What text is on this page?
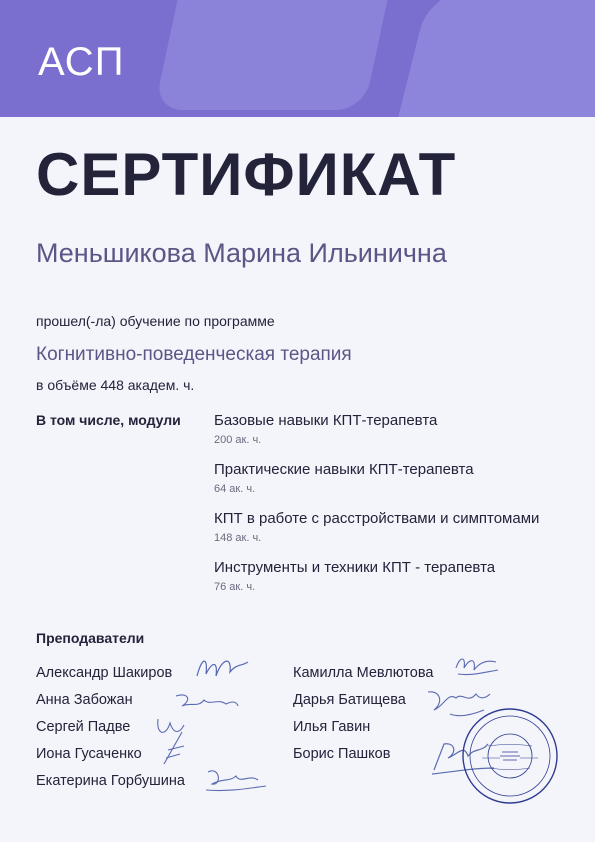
АСП
СЕРТИФИКАТ
Меньшикова Марина Ильинична
прошел(-ла) обучение по программе
Когнитивно-поведенческая терапия
в объёме 448 академ. ч.
В том числе, модули Базовые навыки КПТ-терапевта
200 ак. ч.
Практические навыки КПТ-терапевта
64 ак. ч.
КПТ в работе с расстройствами и симптомами
148 ак. ч.
Инструменты и техники КПТ - терапевта
76 ак. ч.
Преподаватели
Александр Шакиров
Анна Забожан
Сергей Падве
Иона Гусаченко
Екатерина Горбушина
Камилла Мевлютова
Дарья Батищева
Илья Гавин
Борис Пашков
